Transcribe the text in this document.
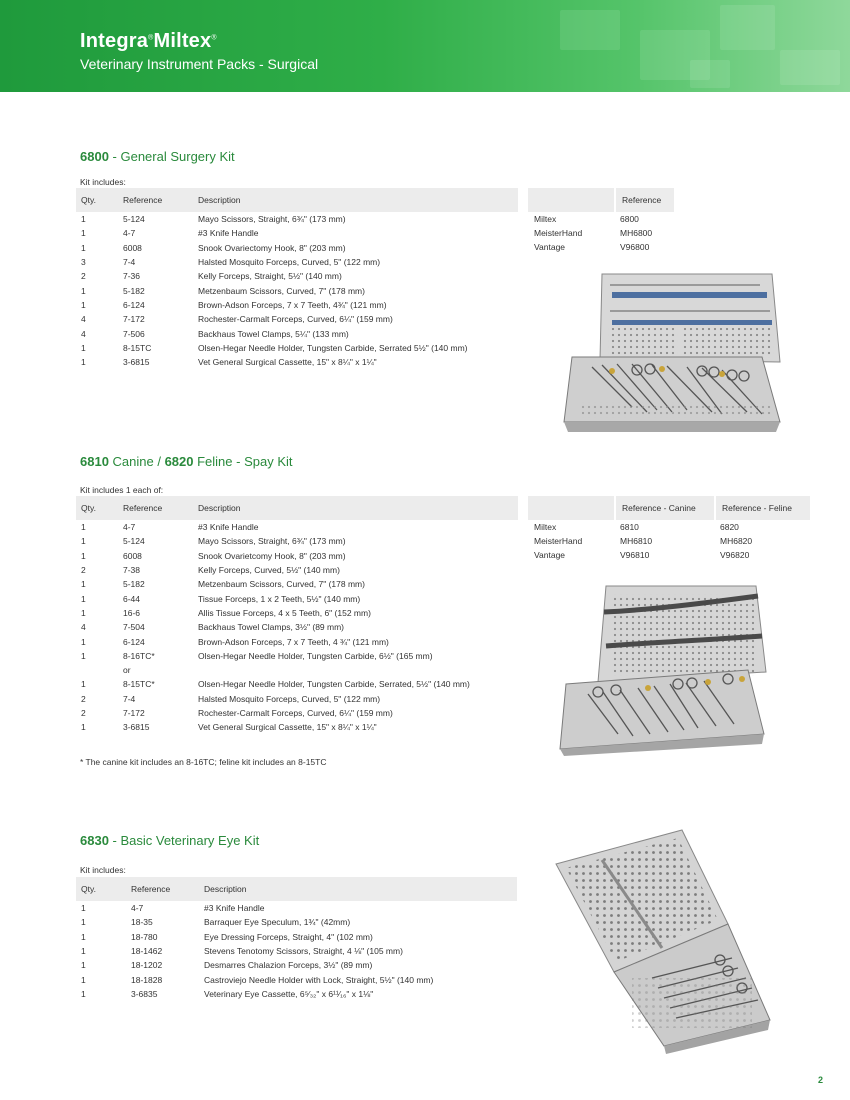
Integra®Miltex®
Veterinary Instrument Packs - Surgical
6800 - General Surgery Kit
Kit includes:
Qty.	Reference	Description
1	5-124	Mayo Scissors, Straight, 6¾" (173 mm)
1	4-7	#3 Knife Handle
1	6008	Snook Ovariectomy Hook, 8" (203 mm)
3	7-4	Halsted Mosquito Forceps, Curved, 5" (122 mm)
2	7-36	Kelly Forceps, Straight, 5½" (140 mm)
1	5-182	Metzenbaum Scissors, Curved, 7" (178 mm)
1	6-124	Brown-Adson Forceps, 7 x 7 Teeth, 4¾" (121 mm)
4	7-172	Rochester-Carmalt Forceps, Curved, 6¼" (159 mm)
4	7-506	Backhaus Towel Clamps, 5¼" (133 mm)
1	8-15TC	Olsen-Hegar Needle Holder, Tungsten Carbide, Serrated 5½" (140 mm)
1	3-6815	Vet General Surgical Cassette, 15" x 8¼" x 1¼"
	Reference
Miltex	6800
MeisterHand	MH6800
Vantage	V96800
6810 Canine / 6820 Feline - Spay Kit
Kit includes 1 each of:
Qty.	Reference	Description
1	4-7	#3 Knife Handle
1	5-124	Mayo Scissors, Straight, 6¾" (173 mm)
1	6008	Snook Ovarietcomy Hook, 8" (203 mm)
2	7-38	Kelly Forceps, Curved, 5½" (140 mm)
1	5-182	Metzenbaum Scissors, Curved, 7" (178 mm)
1	6-44	Tissue Forceps, 1 x 2 Teeth, 5½" (140 mm)
1	16-6	Allis Tissue Forceps, 4 x 5 Teeth, 6" (152 mm)
4	7-504	Backhaus Towel Clamps, 3½" (89 mm)
1	6-124	Brown-Adson Forceps, 7 x 7 Teeth, 4 ¾" (121 mm)
1	8-16TC*	Olsen-Hegar Needle Holder, Tungsten Carbide, 6½" (165 mm)
	or	
1	8-15TC*	Olsen-Hegar Needle Holder, Tungsten Carbide, Serrated, 5½" (140 mm)
2	7-4	Halsted Mosquito Forceps, Curved, 5" (122 mm)
2	7-172	Rochester-Carmalt Forceps, Curved, 6¼" (159 mm)
1	3-6815	Vet General Surgical Cassette, 15" x 8¼" x 1¼"
	Reference - Canine	Reference - Feline
Miltex	6810	6820
MeisterHand	MH6810	MH6820
Vantage	V96810	V96820
* The canine kit includes an 8-16TC; feline kit includes an 8-15TC
6830 - Basic Veterinary Eye Kit
Kit includes:
Qty.	Reference	Description
1	4-7	#3 Knife Handle
1	18-35	Barraquer Eye Speculum, 1¾" (42mm)
1	18-780	Eye Dressing Forceps, Straight, 4" (102 mm)
1	18-1462	Stevens Tenotomy Scissors, Straight, 4 ⅛" (105 mm)
1	18-1202	Desmarres Chalazion Forceps, 3½" (89 mm)
1	18-1828	Castroviejo Needle Holder with Lock, Straight, 5½" (140 mm)
1	3-6835	Veterinary Eye Cassette, 6⁵⁄₃₂" x 6¹¹⁄₁₆" x 1⅛"
2
